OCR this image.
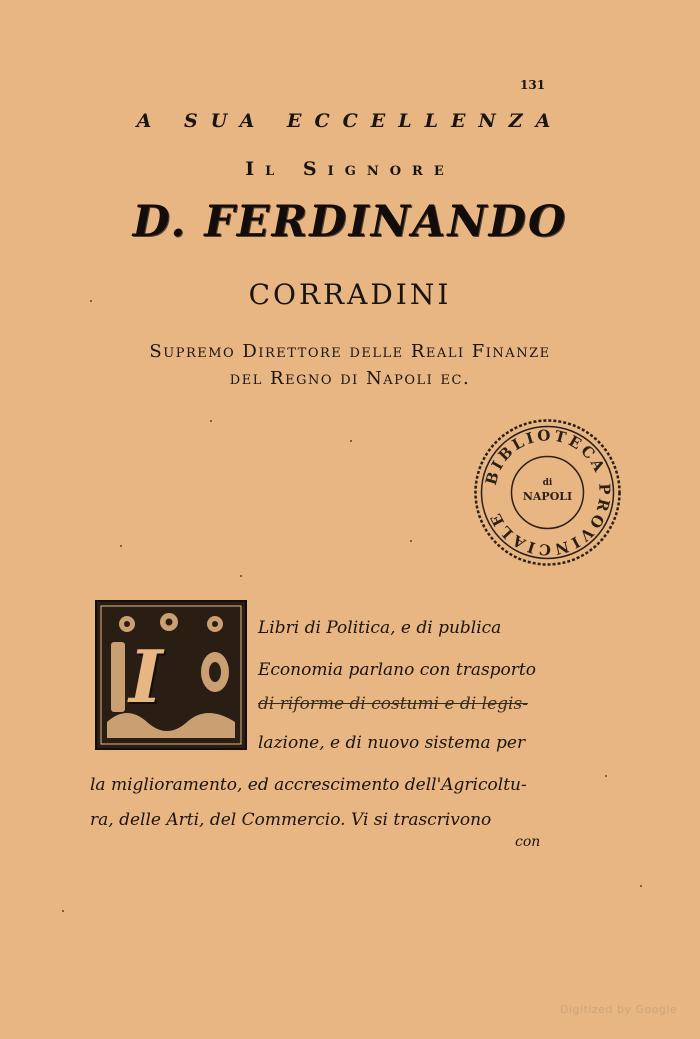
131
A SUA ECCELLENZA
Il Signore
D. FERDINANDO
CORRADINI
Supremo Direttore delle Reali Finanze
del Regno di Napoli ec.
BIBLIOTECA PROVINCIALE
di
NAPOLI
I
Libri di Politica, e di publica
Economia parlano con trasporto
di riforme di costumi e di legis-
lazione, e di nuovo sistema per
la miglioramento, ed accrescimento dell'Agricoltu-
ra, delle Arti, del Commercio. Vi si trascrivono
con
Digitized by Google
